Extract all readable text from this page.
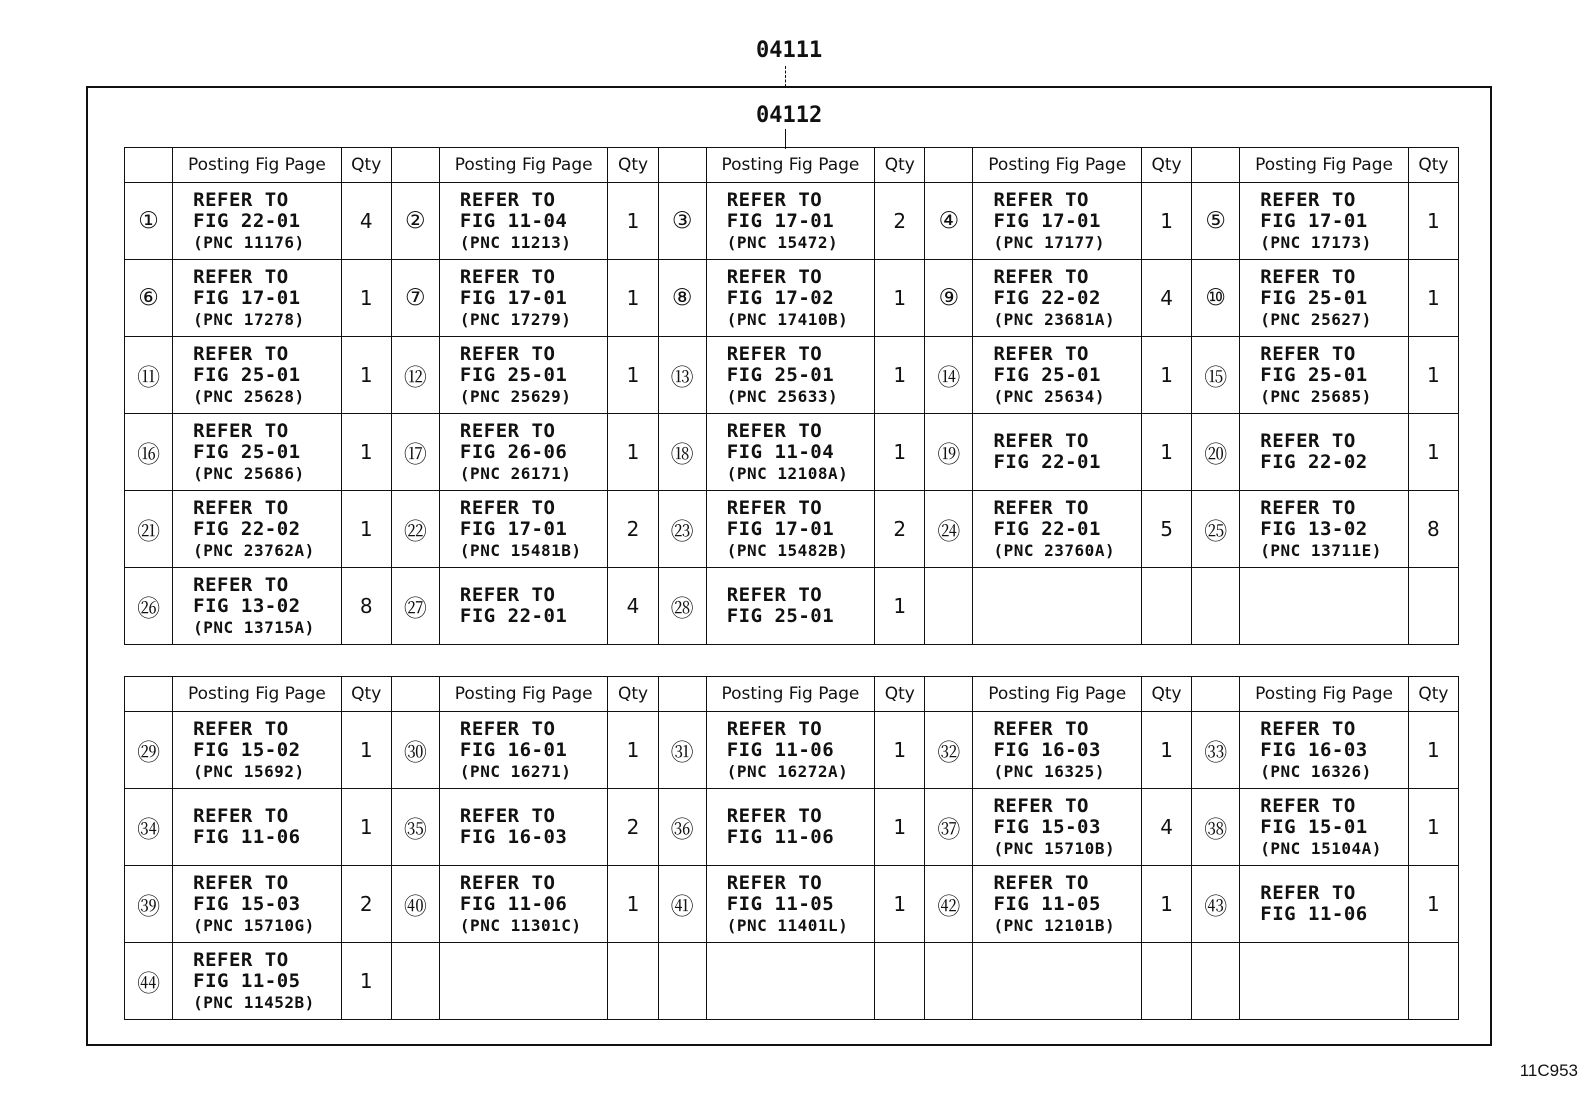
04111
04112
	Posting Fig Page	Qty		Posting Fig Page	Qty		Posting Fig Page	Qty		Posting Fig Page	Qty		Posting Fig Page	Qty
①	REFER TO
FIG 22-01
(PNC 11176)	4	②	REFER TO
FIG 11-04
(PNC 11213)	1	③	REFER TO
FIG 17-01
(PNC 15472)	2	④	REFER TO
FIG 17-01
(PNC 17177)	1	⑤	REFER TO
FIG 17-01
(PNC 17173)	1
⑥	REFER TO
FIG 17-01
(PNC 17278)	1	⑦	REFER TO
FIG 17-01
(PNC 17279)	1	⑧	REFER TO
FIG 17-02
(PNC 17410B)	1	⑨	REFER TO
FIG 22-02
(PNC 23681A)	4	⑩	REFER TO
FIG 25-01
(PNC 25627)	1
⑪	REFER TO
FIG 25-01
(PNC 25628)	1	⑫	REFER TO
FIG 25-01
(PNC 25629)	1	⑬	REFER TO
FIG 25-01
(PNC 25633)	1	⑭	REFER TO
FIG 25-01
(PNC 25634)	1	⑮	REFER TO
FIG 25-01
(PNC 25685)	1
⑯	REFER TO
FIG 25-01
(PNC 25686)	1	⑰	REFER TO
FIG 26-06
(PNC 26171)	1	⑱	REFER TO
FIG 11-04
(PNC 12108A)	1	⑲	REFER TO
FIG 22-01	1	⑳	REFER TO
FIG 22-02	1
㉑	REFER TO
FIG 22-02
(PNC 23762A)	1	㉒	REFER TO
FIG 17-01
(PNC 15481B)	2	㉓	REFER TO
FIG 17-01
(PNC 15482B)	2	㉔	REFER TO
FIG 22-01
(PNC 23760A)	5	㉕	REFER TO
FIG 13-02
(PNC 13711E)	8
㉖	REFER TO
FIG 13-02
(PNC 13715A)	8	㉗	REFER TO
FIG 22-01	4	㉘	REFER TO
FIG 25-01	1		

	Posting Fig Page	Qty		Posting Fig Page	Qty		Posting Fig Page	Qty		Posting Fig Page	Qty		Posting Fig Page	Qty
㉙	REFER TO
FIG 15-02
(PNC 15692)	1	㉚	REFER TO
FIG 16-01
(PNC 16271)	1	㉛	REFER TO
FIG 11-06
(PNC 16272A)	1	㉜	REFER TO
FIG 16-03
(PNC 16325)	1	㉝	REFER TO
FIG 16-03
(PNC 16326)	1
㉞	REFER TO
FIG 11-06	1	㉟	REFER TO
FIG 16-03	2	㊱	REFER TO
FIG 11-06	1	㊲	REFER TO
FIG 15-03
(PNC 15710B)	4	㊳	REFER TO
FIG 15-01
(PNC 15104A)	1
㊴	REFER TO
FIG 15-03
(PNC 15710G)	2	㊵	REFER TO
FIG 11-06
(PNC 11301C)	1	㊶	REFER TO
FIG 11-05
(PNC 11401L)	1	㊷	REFER TO
FIG 11-05
(PNC 12101B)	1	㊸	REFER TO
FIG 11-06	1
㊹	REFER TO
FIG 11-05
(PNC 11452B)	1		

11C953
